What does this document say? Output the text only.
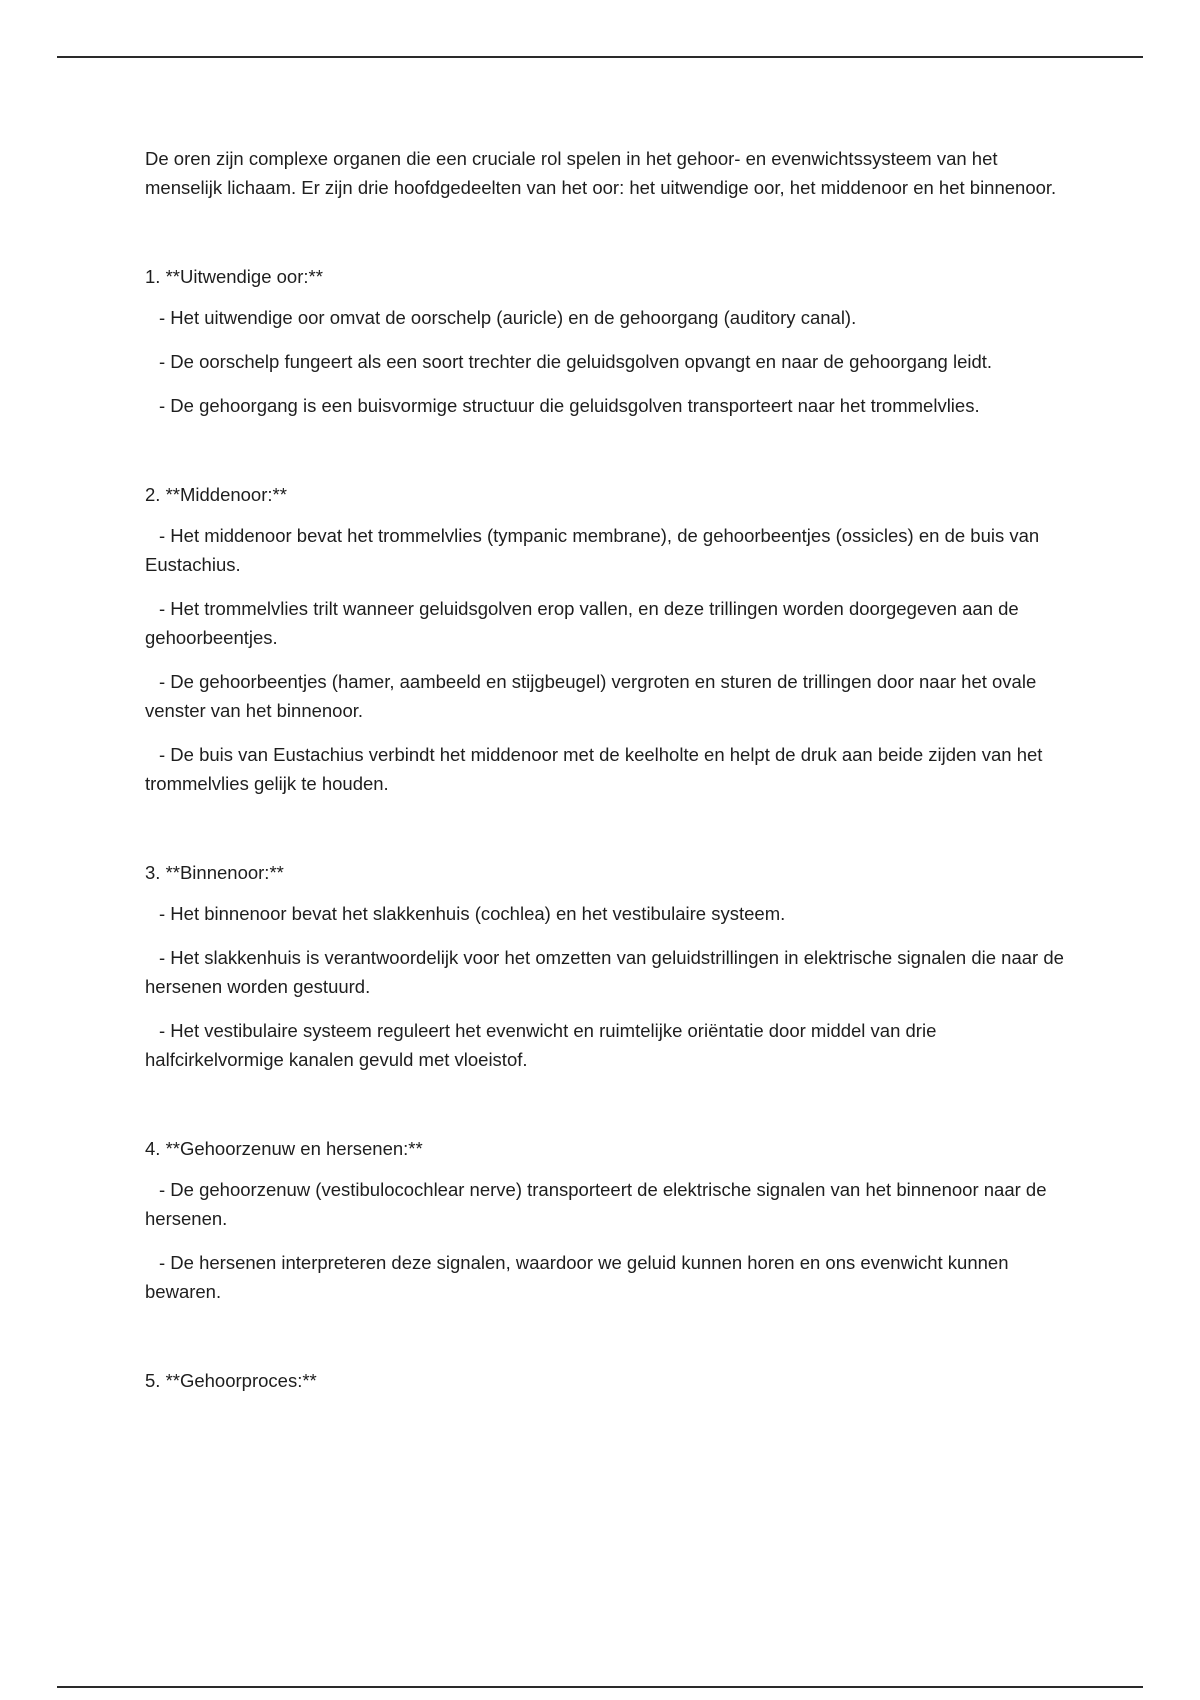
De oren zijn complexe organen die een cruciale rol spelen in het gehoor- en evenwichtssysteem van het menselijk lichaam. Er zijn drie hoofdgedeelten van het oor: het uitwendige oor, het middenoor en het binnenoor.

1. **Uitwendige oor:**

- Het uitwendige oor omvat de oorschelp (auricle) en de gehoorgang (auditory canal).

- De oorschelp fungeert als een soort trechter die geluidsgolven opvangt en naar de gehoorgang leidt.

- De gehoorgang is een buisvormige structuur die geluidsgolven transporteert naar het trommelvlies.

2. **Middenoor:**

- Het middenoor bevat het trommelvlies (tympanic membrane), de gehoorbeentjes (ossicles) en de buis van Eustachius.

- Het trommelvlies trilt wanneer geluidsgolven erop vallen, en deze trillingen worden doorgegeven aan de gehoorbeentjes.

- De gehoorbeentjes (hamer, aambeeld en stijgbeugel) vergroten en sturen de trillingen door naar het ovale venster van het binnenoor.

- De buis van Eustachius verbindt het middenoor met de keelholte en helpt de druk aan beide zijden van het trommelvlies gelijk te houden.

3. **Binnenoor:**

- Het binnenoor bevat het slakkenhuis (cochlea) en het vestibulaire systeem.

- Het slakkenhuis is verantwoordelijk voor het omzetten van geluidstrillingen in elektrische signalen die naar de hersenen worden gestuurd.

- Het vestibulaire systeem reguleert het evenwicht en ruimtelijke oriëntatie door middel van drie halfcirkelvormige kanalen gevuld met vloeistof.

4. **Gehoorzenuw en hersenen:**

- De gehoorzenuw (vestibulocochlear nerve) transporteert de elektrische signalen van het binnenoor naar de hersenen.

- De hersenen interpreteren deze signalen, waardoor we geluid kunnen horen en ons evenwicht kunnen bewaren.

5. **Gehoorproces:**
